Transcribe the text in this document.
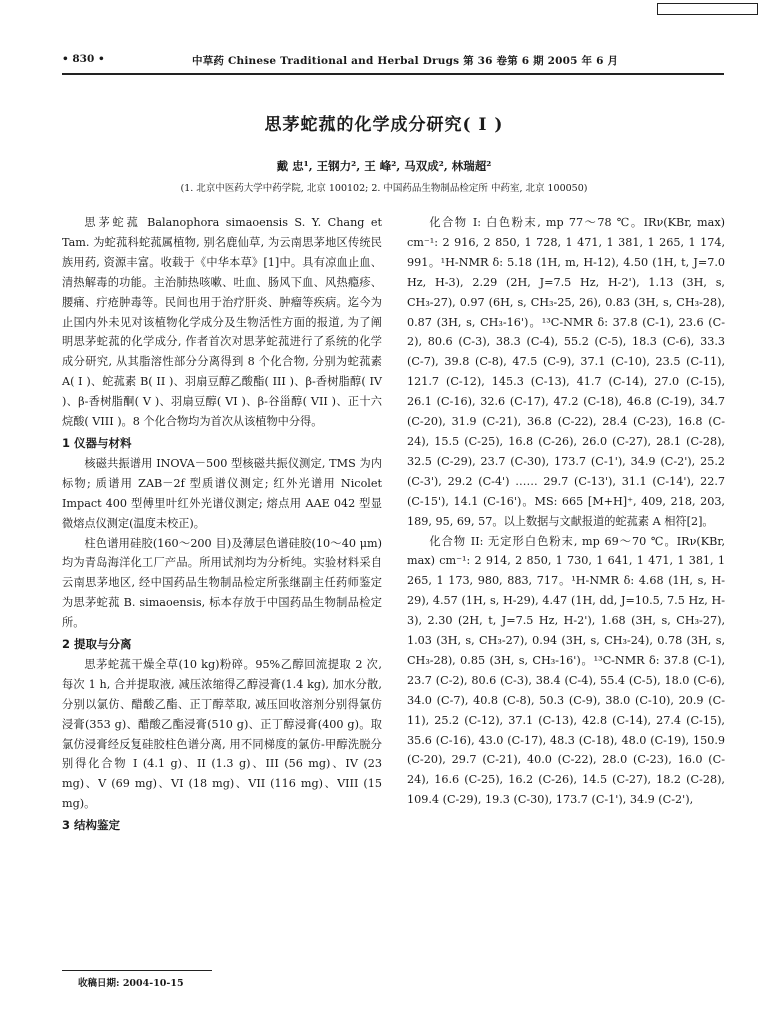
• 830 •	中草药 Chinese Traditional and Herbal Drugs 第 36 卷第 6 期 2005 年 6 月
思茅蛇菰的化学成分研究( I )
戴 忠¹, 王钢力², 王 峰², 马双成², 林瑞超²
(1. 北京中医药大学中药学院, 北京 100102; 2. 中国药品生物制品检定所 中药室, 北京 100050)

思茅蛇菰 Balanophora simaoensis S. Y. Chang et Tam. 为蛇菰科蛇菰属植物, 别名鹿仙草, 为云南思茅地区传统民族用药, 资源丰富。收载于《中华本草》[1]中。具有凉血止血、清热解毒的功能。主治肺热咳嗽、吐血、肠风下血、风热瘾疹、腰痛、疔疮肿毒等。民间也用于治疗肝炎、肿瘤等疾病。迄今为止国内外未见对该植物化学成分及生物活性方面的报道, 为了阐明思茅蛇菰的化学成分, 作者首次对思茅蛇菰进行了系统的化学成分研究, 从其脂溶性部分分离得到 8 个化合物, 分别为蛇菰素 A( I )、蛇菰素 B( II )、羽扇豆醇乙酸酯( III )、β-香树脂醇( IV )、β-香树脂酮( V )、羽扇豆醇( VI )、β-谷甾醇( VII )、正十六烷酸( VIII )。8 个化合物均为首次从该植物中分得。

1 仪器与材料

核磁共振谱用 INOVA－500 型核磁共振仪测定, TMS 为内标物; 质谱用 ZAB－2f 型质谱仪测定; 红外光谱用 Nicolet Impact 400 型傅里叶红外光谱仪测定; 熔点用 AAE 042 型显微熔点仪测定(温度未校正)。

柱色谱用硅胶(160～200 目)及薄层色谱硅胶(10～40 μm)均为青岛海洋化工厂产品。所用试剂均为分析纯。实验材料采自云南思茅地区, 经中国药品生物制品检定所张继副主任药师鉴定为思茅蛇菰 B. simaoensis, 标本存放于中国药品生物制品检定所。

2 提取与分离

思茅蛇菰干燥全草(10 kg)粉碎。95%乙醇回流提取 2 次, 每次 1 h, 合并提取液, 减压浓缩得乙醇浸膏(1.4 kg), 加水分散, 分别以氯仿、醋酸乙酯、正丁醇萃取, 减压回收溶剂分别得氯仿浸膏(353 g)、醋酸乙酯浸膏(510 g)、正丁醇浸膏(400 g)。取氯仿浸膏经反复硅胶柱色谱分离, 用不同梯度的氯仿-甲醇洗脱分别得化合物 I (4.1 g)、II (1.3 g)、III (56 mg)、IV (23 mg)、V (69 mg)、VI (18 mg)、VII (116 mg)、VIII (15 mg)。

3 结构鉴定

化合物 I: 白色粉末, mp 77～78 ℃。IRν(KBr, max) cm⁻¹: 2 916, 2 850, 1 728, 1 471, 1 381, 1 265, 1 174, 991。¹H-NMR δ: 5.18 (1H, m, H-12), 4.50 (1H, t, J=7.0 Hz, H-3), 2.29 (2H, J=7.5 Hz, H-2'), 1.13 (3H, s, CH₃-27), 0.97 (6H, s, CH₃-25, 26), 0.83 (3H, s, CH₃-28), 0.87 (3H, s, CH₃-16')。¹³C-NMR δ: 37.8 (C-1), 23.6 (C-2), 80.6 (C-3), 38.3 (C-4), 55.2 (C-5), 18.3 (C-6), 33.3 (C-7), 39.8 (C-8), 47.5 (C-9), 37.1 (C-10), 23.5 (C-11), 121.7 (C-12), 145.3 (C-13), 41.7 (C-14), 27.0 (C-15), 26.1 (C-16), 32.6 (C-17), 47.2 (C-18), 46.8 (C-19), 34.7 (C-20), 31.9 (C-21), 36.8 (C-22), 28.4 (C-23), 16.8 (C-24), 15.5 (C-25), 16.8 (C-26), 26.0 (C-27), 28.1 (C-28), 32.5 (C-29), 23.7 (C-30), 173.7 (C-1'), 34.9 (C-2'), 25.2 (C-3'), 29.2 (C-4') …… 29.7 (C-13'), 31.1 (C-14'), 22.7 (C-15'), 14.1 (C-16')。MS: 665 [M+H]⁺, 409, 218, 203, 189, 95, 69, 57。以上数据与文献报道的蛇菰素 A 相符[2]。

化合物 II: 无定形白色粉末, mp 69～70 ℃。IRν(KBr, max) cm⁻¹: 2 914, 2 850, 1 730, 1 641, 1 471, 1 381, 1 265, 1 173, 980, 883, 717。¹H-NMR δ: 4.68 (1H, s, H-29), 4.57 (1H, s, H-29), 4.47 (1H, dd, J=10.5, 7.5 Hz, H-3), 2.30 (2H, t, J=7.5 Hz, H-2'), 1.68 (3H, s, CH₃-27), 1.03 (3H, s, CH₃-27), 0.94 (3H, s, CH₃-24), 0.78 (3H, s, CH₃-28), 0.85 (3H, s, CH₃-16')。¹³C-NMR δ: 37.8 (C-1), 23.7 (C-2), 80.6 (C-3), 38.4 (C-4), 55.4 (C-5), 18.0 (C-6), 34.0 (C-7), 40.8 (C-8), 50.3 (C-9), 38.0 (C-10), 20.9 (C-11), 25.2 (C-12), 37.1 (C-13), 42.8 (C-14), 27.4 (C-15), 35.6 (C-16), 43.0 (C-17), 48.3 (C-18), 48.0 (C-19), 150.9 (C-20), 29.7 (C-21), 40.0 (C-22), 28.0 (C-23), 16.0 (C-24), 16.6 (C-25), 16.2 (C-26), 14.5 (C-27), 18.2 (C-28), 109.4 (C-29), 19.3 (C-30), 173.7 (C-1'), 34.9 (C-2'),

收稿日期: 2004-10-15
